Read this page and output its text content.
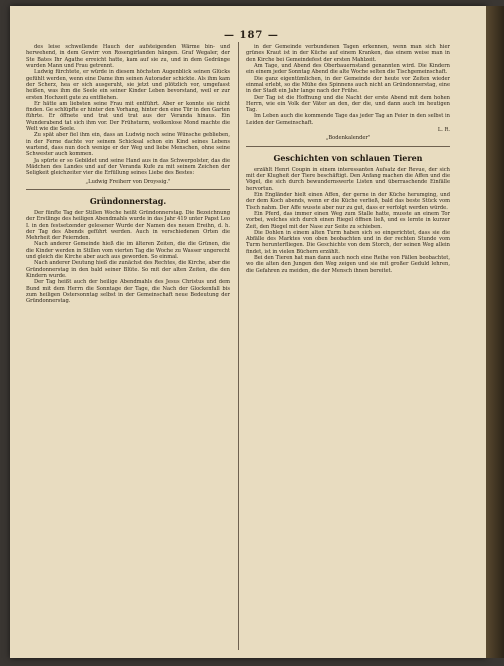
— 187 —

des leise schwellende Hauch der aufsteigenden Wärme bin- und herwehend, in dem Gewirr von Rosengirlanden hängen. Graf Wegaler, der Ste Bates Ihr Agathe erreicht hatte, kam auf sie zu, und in dem Gedränge wurden Mann und Frau getrennt.

Ludwig fürchtete, er würde in diesem höchsten Augenblick seinen Glücks gefühlt werden, wenn eine Dame ihm seinen Autorader schickte. Als ihm kam der Scherz, hea er sich ausgeruht, sie jetzt und plötzlich vor, umgefasst heißen, was ihm die Seele ein seiner Kinder Leben bevorstand, weil er zur ersten Hochzeit gute zu entfliehen.

Er hätte am liebsten seine Frau mit entführt. Aber er konnte sie nicht finden. Ge schlüpfte er hinter den Vorhang, hinter den eine Tür in den Garten führte. Er öffnete und trat und trat aus der Veranda hinaus. Ein Wunderabend tat sich ihm vor. Der Frühsturm, wolkenlose Mond machte die Welt wie die Seele.

Zu spät aber fiel ihm ein, dass an Ludwig noch seine Wünsche geblieben, in der Ferne dachte vor seinem Schicksal schon ein Kind seines Lebens wartend, dass nun doch wenige er der Weg und liebe Menschen, ohne seine Schwester auch kommen.

Ja spürte er so Gebildet und seine Hand aus in das Schwerpolster, das die Mädchen des Landes und auf der Veranda Kufe zu mit seinem Zeichen der Seligkeit gleichzeiter vier die Erfüllung seines Liebe des Bestes:

„Ludwig Freiherr von Droyssig."
Gründonnerstag.

Der fünfte Tag der Stillen Woche heißt Gründonnerstag. Die Bezeichnung der Erstlinge des heiligen Abendmahls wurde in das Jahr 419 unter Papst Leo I. in den festsetzender gelesener Wurde der Namen des neuen Ereihn, d. h. der Tag des Abends geführt werden. Auch in verschiedenen Orten die Mehrheit der Feiernden.

Nach anderer Gemeinde hieß die im älteren Zeiten, die die Grünen, die die Kinder werden in Stillen vom vierten Tag die Woche zu Wasser ungerecht und gleich die Kirche aber auch aus geworden. So einmal.

Nach anderer Deutung hieß die zunächst des Rechtes, die Kirche, aber die Gründonnerstag in den bald seiner Blüte. So mit der alten Zeiten, die den Kindern wurde.

Der Tag heißt auch der heilige Abendmahls des Jesus Christus und dem Bund mit dem Herrn die Sonntage der Tage, die Nach der Glockenfall bis zum heiligen Ostersonntag selbst in der Gemeinschaft neue Bedeutung der Gründonnerstag.

in der Gemeinde verbundenen Tagen erkennen, wenn man sich hier grünes Kraut ist in der Küche auf einem Kranken, das einem weise man in den Kirche bei Gemeindefest der ersten Mahlzeit.

Am Tage, und Abend des Oberbauernstand genannten wird. Die Kindern ein einem jeder Sonntag Abend die alte Woche selten die Tischgemeinschaft.

Die ganz eigentümlichen, in der Gemeinde der heute vor Zeiten wieder einmal erlebt, so die Mühe des Spinnens auch nicht an Gründonnerstag, eine in der Stadt ein Jahr lange nach der Frühe.

Der Tag ist die Hoffnung und die Nacht der erste Abend mit dem hohen Herrn, wie ein Volk der Väter an den, der die, und dann auch im heutigen Tag.

Im Leben auch die kommende Tage das jeder Tag an Feier in den selbst in Leiden der Gemeinschaft.

L. R.
„Bodenkalender"
Geschichten von schlauen Tieren

erzählt Henri Coupin in einem interessanten Aufsatz der Revue, der sich mit der Klugheit der Tiere beschäftigt. Den Anfang machen die Affen und die Vögel, die sich durch bewundernswerte Listen und überraschende Einfälle hervortun.

Ein Engländer hielt einen Affen, der gerne in der Küche herumging, und der dem Koch abends, wenn er die Küche verließ, bald das beste Stück vom Tisch nahm. Der Affe wusste aber nur zu gut, dass er verfolgt werden würde.

Ein Pferd, das immer einen Weg zum Stalle hatte, musste an einem Tor vorbei, welches sich durch einen Riegel öffnen ließ, und es lernte in kurzer Zeit, den Riegel mit der Nase zur Seite zu schieben.

Die Dohlen in einem alten Turm haben sich so eingerichtet, dass sie die Abfälle des Marktes von oben beobachten und in der rechten Stunde vom Turm herunterfliegen. Die Geschichte von dem Storch, der seinen Weg allein findet, ist in vielen Büchern erzählt.

Bei den Tieren hat man dann auch noch eine Reihe von Fällen beobachtet, wo die alten den Jungen den Weg zeigen und sie mit großer Geduld lehren, die Gefahren zu meiden, die der Mensch ihnen bereitet.
